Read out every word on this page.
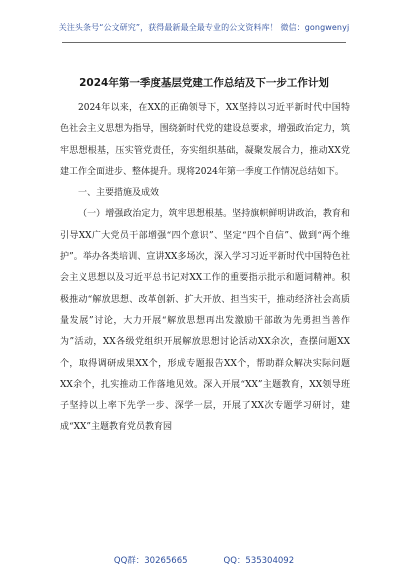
关注头条号“公文研究”，获得最新最全最专业的公文资料库！ 微信：gongwenyj
2024年第一季度基层党建工作总结及下一步工作计划

2024年以来，在XX的正确领导下，XX坚持以习近平新时代中国特色社会主义思想为指导，围绕新时代党的建设总要求，增强政治定力，筑牢思想根基，压实管党责任，夯实组织基础，凝聚发展合力，推动XX党建工作全面进步、整体提升。现将2024年第一季度工作情况总结如下。

一、主要措施及成效

（一）增强政治定力，筑牢思想根基。坚持旗帜鲜明讲政治，教育和引导XX广大党员干部增强“四个意识”、坚定“四个自信”、做到“两个维护”。举办各类培训、宣讲XX多场次，深入学习习近平新时代中国特色社会主义思想以及习近平总书记对XX工作的重要指示批示和题词精神。积极推动“解放思想、改革创新、扩大开放、担当实干，推动经济社会高质量发展”讨论，大力开展“解放思想再出发激励干部敢为先勇担当善作为”活动，XX各级党组织开展解放思想讨论活动XX余次，查摆问题XX个，取得调研成果XX个，形成专题报告XX个，帮助群众解决实际问题XX余个，扎实推动工作落地见效。深入开展“XX”主题教育，XX领导班子坚持以上率下先学一步、深学一层，开展了XX次专题学习研讨，建成“XX”主题教育党员教育园

QQ群：30265665	QQ：535304092
